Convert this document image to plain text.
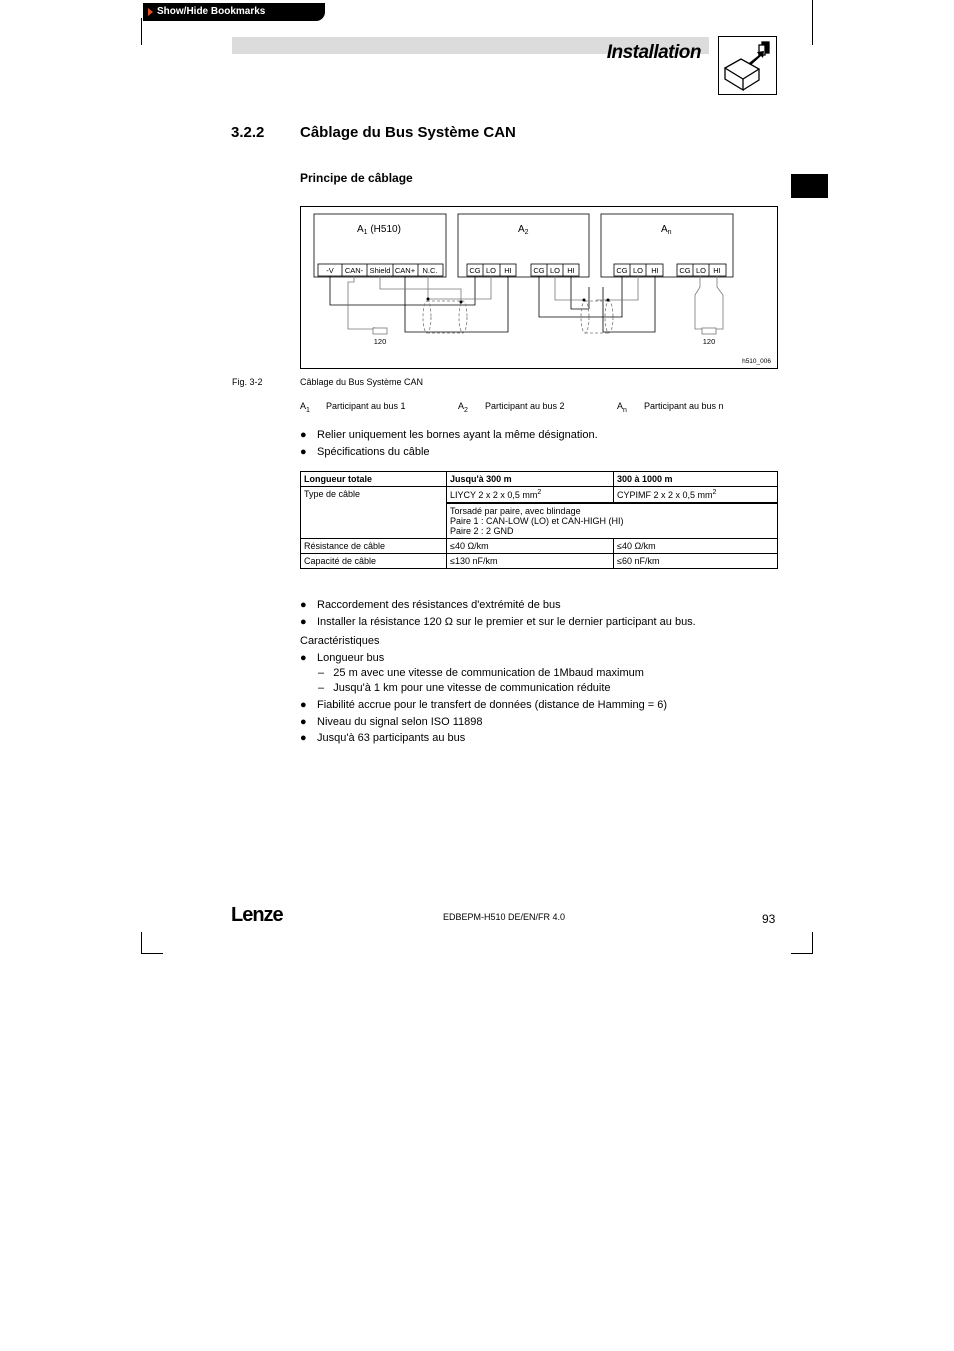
Show/Hide Bookmarks
Installation
3.2.2 Câblage du Bus Système CAN
Principe de câblage
$A_1$ (H510)	$A_2$	$A_n$
-V CAN- Shield CAN+ N.C.	CG LO HI	CG LO HI	CG LO HI	CG LO HI
120	120
h510_006
Fig. 3-2	Câblage du Bus Système CAN
$A_1$ Participant au bus 1	$A_2$ Participant au bus 2	$A_n$ Participant au bus n
● Relier uniquement les bornes ayant la même désignation.
● Spécifications du câble
Longueur totale	Jusqu'à 300 m	300 à 1000 m
Type de câble	LIYCY 2 x 2 x 0,5 $mm^2$	CYPIMF 2 x 2 x 0,5 $mm^2$

	Torsadé par paire, avec blindage
Paire 1 : CAN-LOW (LO) et CAN-HIGH (HI)
Paire 2 : 2 GND	

Résistance de câble	≤40 Ω/km	≤40 Ω/km
Capacité de câble	≤130 nF/km	≤60 nF/km
● Raccordement des résistances d'extrémité de bus
● Installer la résistance 120 Ω sur le premier et sur le dernier participant au bus.
Caractéristiques
● Longueur bus
–   25 m avec une vitesse de communication de 1Mbaud maximum
–   Jusqu'à 1 km pour une vitesse de communication réduite
● Fiabilité accrue pour le transfert de données (distance de Hamming = 6)
● Niveau du signal selon ISO 11898
● Jusqu'à 63 participants au bus
Lenze	EDBEPM-H510 DE/EN/FR 4.0	93
